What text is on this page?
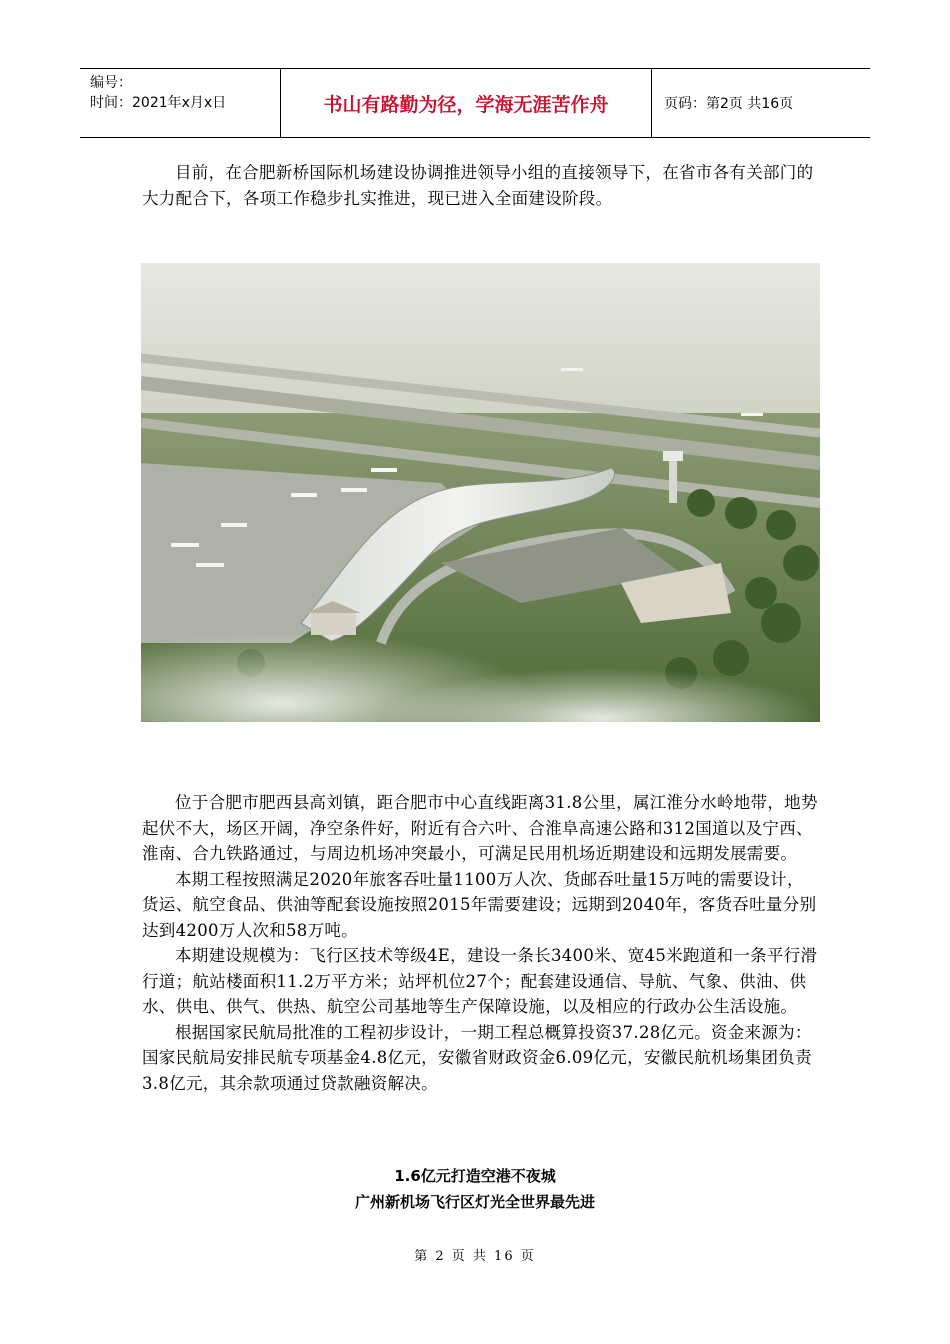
编号：
时间：2021年x月x日	书山有路勤为径，学海无涯苦作舟	页码：第2页 共16页

目前，在合肥新桥国际机场建设协调推进领导小组的直接领导下，在省市各有关部门的大力配合下，各项工作稳步扎实推进，现已进入全面建设阶段。

位于合肥市肥西县高刘镇，距合肥市中心直线距离31.8公里，属江淮分水岭地带，地势起伏不大，场区开阔，净空条件好，附近有合六叶、合淮阜高速公路和312国道以及宁西、淮南、合九铁路通过，与周边机场冲突最小，可满足民用机场近期建设和远期发展需要。

本期工程按照满足2020年旅客吞吐量1100万人次、货邮吞吐量15万吨的需要设计，货运、航空食品、供油等配套设施按照2015年需要建设；远期到2040年，客货吞吐量分别达到4200万人次和58万吨。

本期建设规模为：飞行区技术等级4E，建设一条长3400米、宽45米跑道和一条平行滑行道；航站楼面积11.2万平方米；站坪机位27个；配套建设通信、导航、气象、供油、供水、供电、供气、供热、航空公司基地等生产保障设施，以及相应的行政办公生活设施。

根据国家民航局批准的工程初步设计，一期工程总概算投资37.28亿元。资金来源为：国家民航局安排民航专项基金4.8亿元，安徽省财政资金6.09亿元，安徽民航机场集团负责3.8亿元，其余款项通过贷款融资解决。

1.6亿元打造空港不夜城
广州新机场飞行区灯光全世界最先进
第 2 页 共 16 页
